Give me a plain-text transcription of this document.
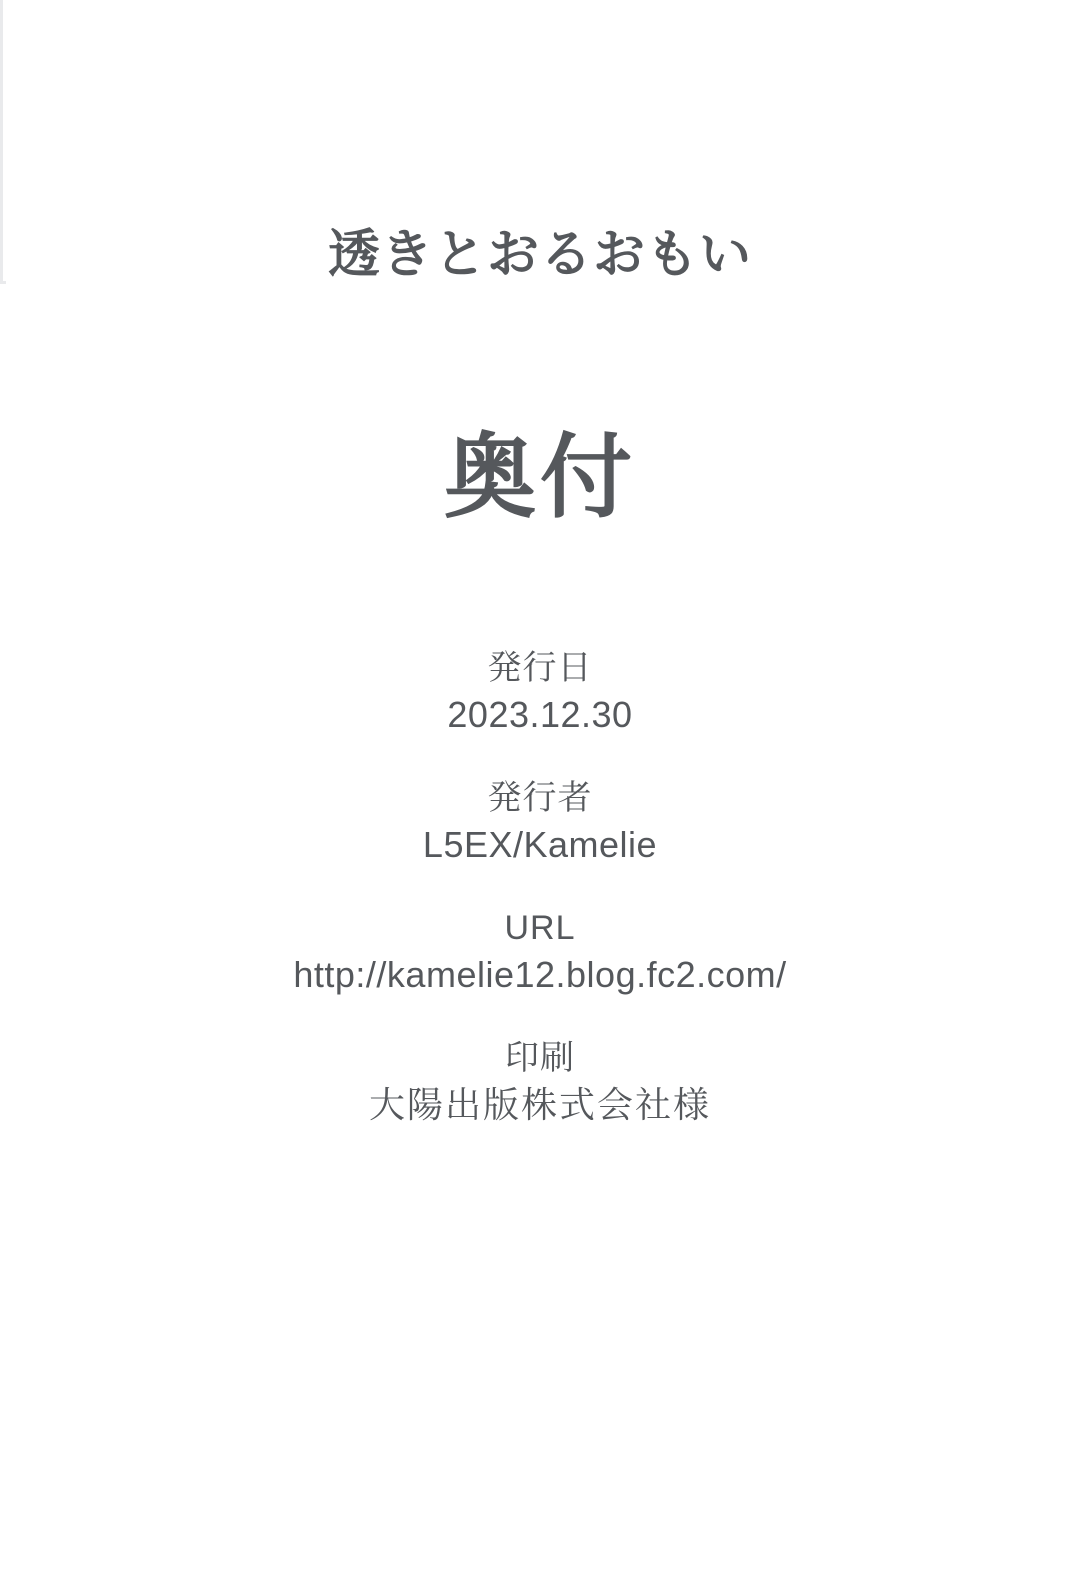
透きとおるおもい
奥付
発行日
2023.12.30
発行者
L5EX/Kamelie
URL
http://kamelie12.blog.fc2.com/
印刷
大陽出版株式会社様
